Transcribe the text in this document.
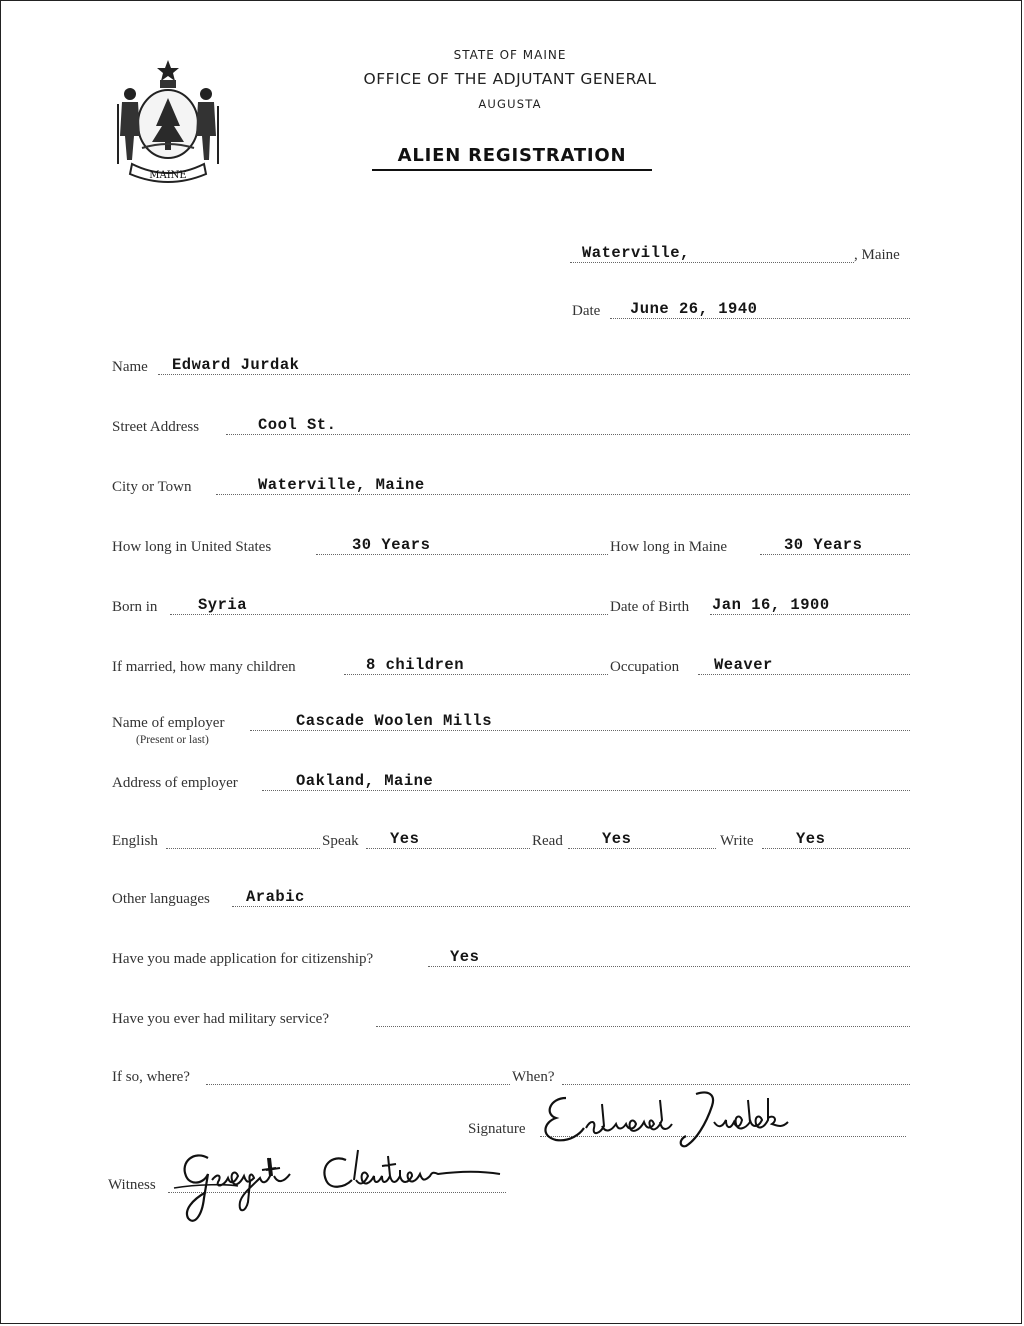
MAINE
STATE OF MAINE
OFFICE OF THE ADJUTANT GENERAL
AUGUSTA
ALIEN REGISTRATION
Waterville,	, Maine
Date June 26, 1940
Name Edward Jurdak
Street Address	Cool St.
City or Town	Waterville, Maine
How long in United States	30 Years	How long in Maine	30 Years
Born in	Syria	Date of Birth Jan 16, 1900
If married, how many children	8 children	Occupation Weaver
Name of employer	Cascade Woolen Mills
(Present or last)
Address of employer	Oakland, Maine
English	Speak Yes	Read	Yes	Write	Yes
Other languages Arabic
Have you made application for citizenship?	Yes
Have you ever had military service?
If so, where?	When?
Signature
Witness
